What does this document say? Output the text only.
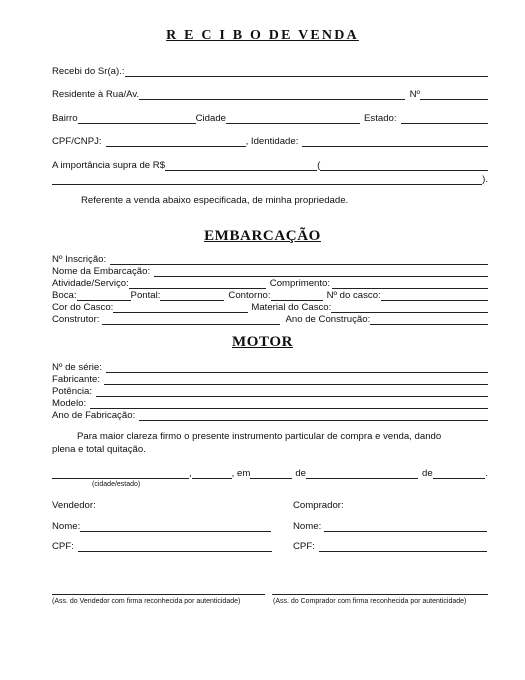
R E C I B O DE VENDA
Recebi do Sr(a).:
Residente à Rua/Av.	Nº
Bairro	Cidade	Estado:
CPF/CNPJ:	, Identidade:
A importância supra de R$	(
).
Referente a venda abaixo especificada, de minha propriedade.
EMBARCAÇÃO
Nº Inscrição:
Nome da Embarcação:
Atividade/Serviço:	Comprimento:
Boca:	Pontal:	Contorno:	Nº do casco:
Cor do Casco:	Material do Casco:
Construtor:	Ano de Construção:
MOTOR
Nº de série:
Fabricante:
Potência:
Modelo:
Ano de Fabricação:
Para maior clareza firmo o presente instrumento particular de compra e venda, dando
plena e total quitação.
,	, em	de	de	.
(cidade/estado)
Vendedor:	Comprador:
Nome:	Nome:
CPF:	CPF:
(Ass. do Vendedor com firma reconhecida por autenticidade)	(Ass. do Comprador com firma reconhecida por autenticidade)
